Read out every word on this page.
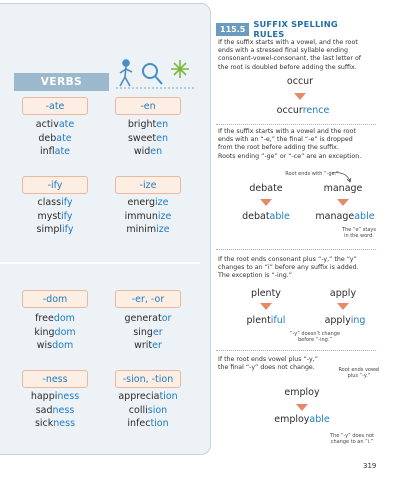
VERBS
-ate	-en
activate
debate
inflate
brighten
sweeten
widen
-ify	-ize
classify
mystify
simplify
energize
immunize
minimize
-dom	-er, -or
freedom
kingdom
wisdom
generator
singer
writer
-ness	-sion, -tion
happiness
sadness
sickness
appreciation
collision
infection
115.5 SUFFIX SPELLING RULES
If the suffix starts with a vowel, and the root
ends with a stressed final syllable ending
consonant-vowel-consonant, the last letter of
the root is doubled before adding the suffix.
occur
occurrence
If the suffix starts with a vowel and the root
ends with an “-e,” the final “-e” is dropped
from the root before adding the suffix.
Roots ending “-ge” or “-ce” are an exception.
Root ends with “-ge.”
debate	manage
debatable	manageable
The “e” stays
in the word.
If the root ends consonant plus “-y,” the “y”
changes to an “i” before any suffix is added.
The exception is “-ing.”
plenty	apply
plentiful	applying
“-y” doesn’t change
before “-ing.”
If the root ends vowel plus “-y,”
the final “-y” does not change.	Root ends vowel
plus “-y.”
employ
employable
The “-y” does not
change to an “i.”
319
